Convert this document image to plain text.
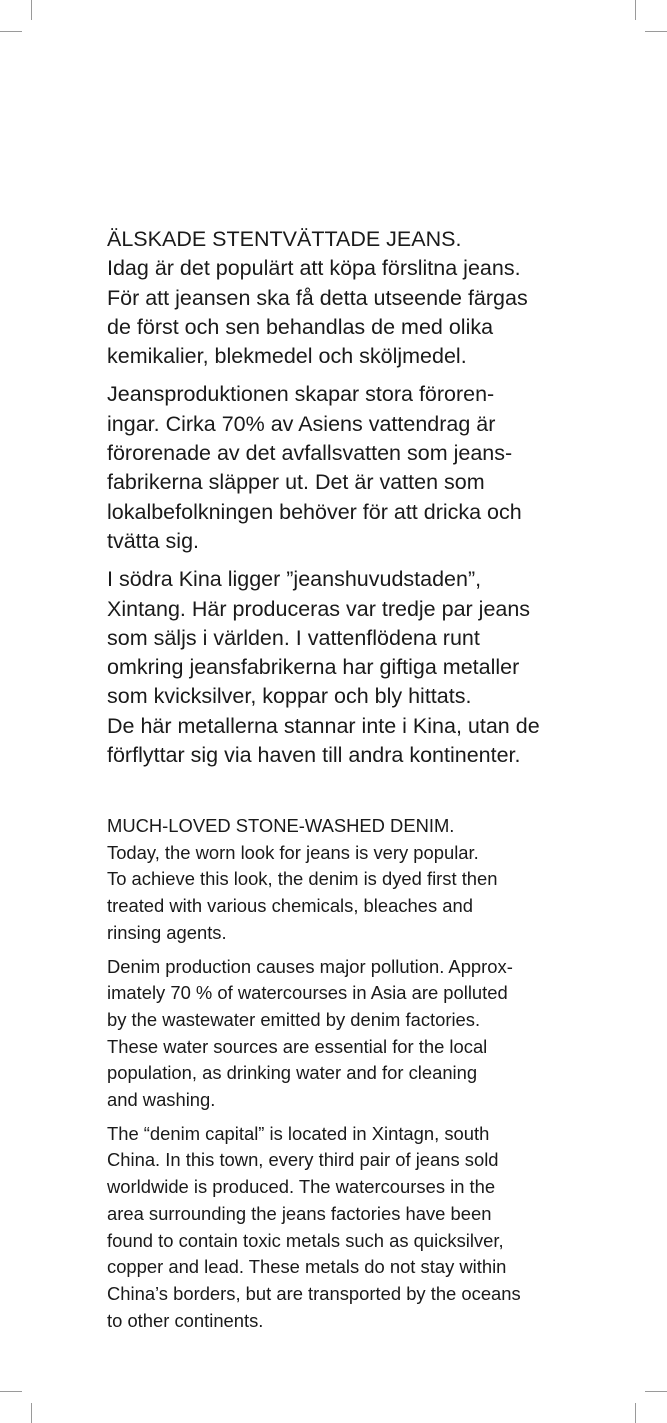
ÄLSKADE STENTVÄTTADE JEANS.
Idag är det populärt att köpa förslitna jeans.
För att jeansen ska få detta utseende färgas
de först och sen behandlas de med olika
kemikalier, blekmedel och sköljmedel.

Jeansproduktionen skapar stora föroren-
ingar. Cirka 70% av Asiens vattendrag är
förorenade av det avfallsvatten som jeans-
fabrikerna släpper ut. Det är vatten som
lokalbefolkningen behöver för att dricka och
tvätta sig.

I södra Kina ligger ”jeanshuvudstaden”,
Xintang. Här produceras var tredje par jeans
som säljs i världen. I vattenflödena runt
omkring jeansfabrikerna har giftiga metaller
som kvicksilver, koppar och bly hittats.
De här metallerna stannar inte i Kina, utan de
förflyttar sig via haven till andra kontinenter.

MUCH-LOVED STONE-WASHED DENIM.
Today, the worn look for jeans is very popular.
To achieve this look, the denim is dyed first then
treated with various chemicals, bleaches and
rinsing agents.

Denim production causes major pollution. Approx-
imately 70 % of watercourses in Asia are polluted
by the wastewater emitted by denim factories.
These water sources are essential for the local
population, as drinking water and for cleaning
and washing.

The “denim capital” is located in Xintagn, south
China. In this town, every third pair of jeans sold
worldwide is produced. The watercourses in the
area surrounding the jeans factories have been
found to contain toxic metals such as quicksilver,
copper and lead. These metals do not stay within
China’s borders, but are transported by the oceans
to other continents.
